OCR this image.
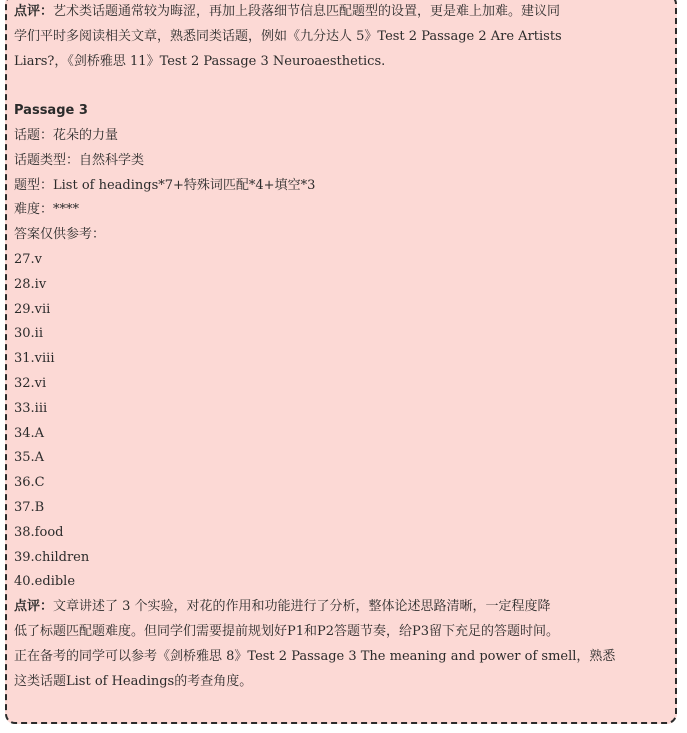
点评：艺术类话题通常较为晦涩，再加上段落细节信息匹配题型的设置，更是难上加难。建议同
学们平时多阅读相关文章，熟悉同类话题，例如《九分达人 5》Test 2 Passage 2 Are Artists
Liars?，《剑桥雅思 11》Test 2 Passage 3 Neuroaesthetics.
Passage 3
话题：花朵的力量
话题类型：自然科学类
题型：List of headings*7+特殊词匹配*4+填空*3
难度：****
答案仅供参考：
27.v
28.iv
29.vii
30.ii
31.viii
32.vi
33.iii
34.A
35.A
36.C
37.B
38.food
39.children
40.edible
点评：文章讲述了 3 个实验，对花的作用和功能进行了分析，整体论述思路清晰，一定程度降
低了标题匹配题难度。但同学们需要提前规划好P1和P2答题节奏，给P3留下充足的答题时间。
正在备考的同学可以参考《剑桥雅思 8》Test 2 Passage 3 The meaning and power of smell，熟悉
这类话题List of Headings的考查角度。
